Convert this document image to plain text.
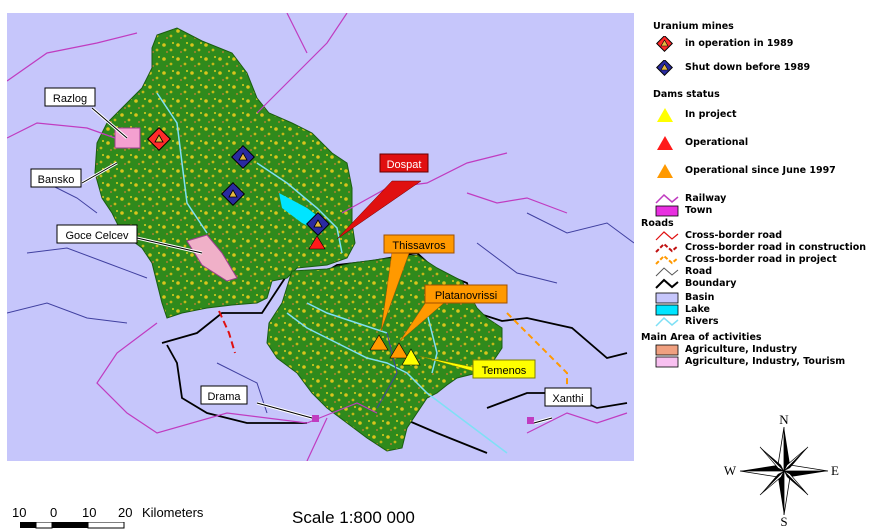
Dospat
Thissavros
Platanovrissi
Temenos
Razlog
Bansko
Goce Celcev
Drama	Xanthi
Uranium mines
in operation in 1989
Shut down before 1989
Dams status
In project
Operational
Operational since June 1997
Railway
Town
Roads
Cross-border road
Cross-border road in construction
Cross-border road in project
Road
Boundary
Basin
Lake
Rivers
Main Area of activities
Agriculture, Industry
Agriculture, Industry, Tourism
N
S
W	E
10 0 10 20 Kilometers	Scale 1:800 000
